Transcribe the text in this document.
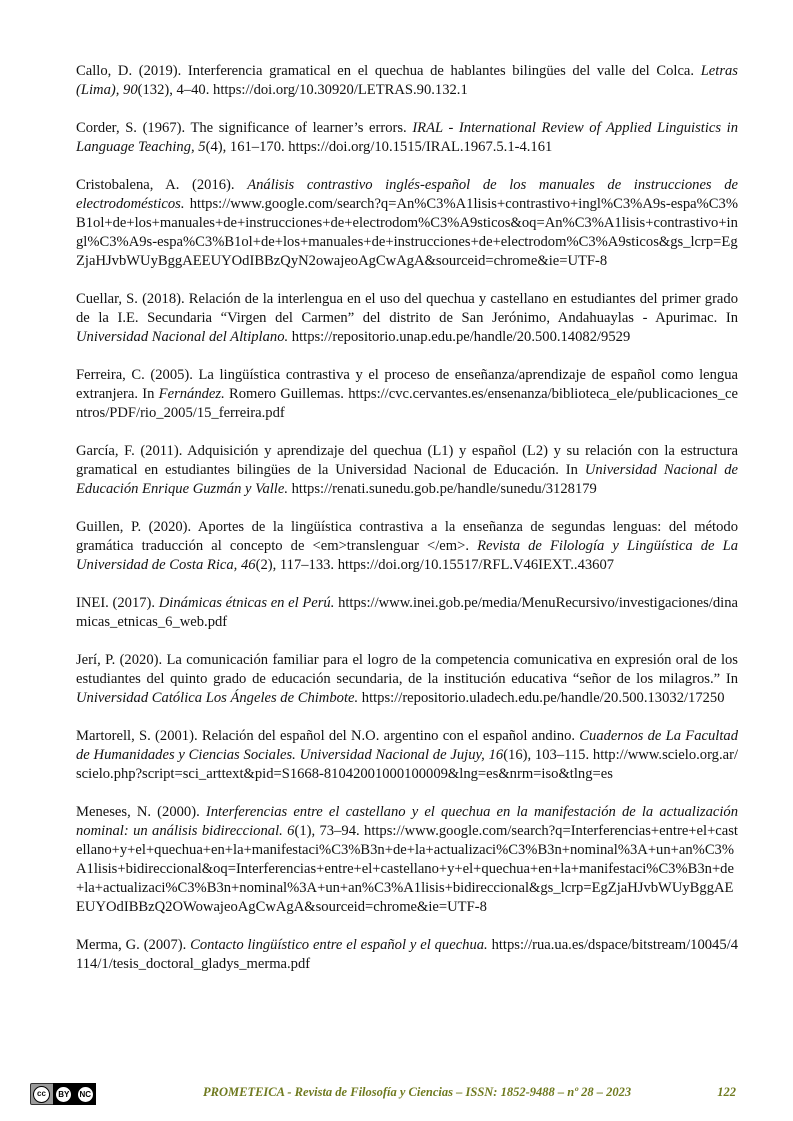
Callo, D. (2019). Interferencia gramatical en el quechua de hablantes bilingües del valle del Colca. Letras (Lima), 90(132), 4–40. https://doi.org/10.30920/LETRAS.90.132.1

Corder, S. (1967). The significance of learner’s errors. IRAL - International Review of Applied Linguistics in Language Teaching, 5(4), 161–170. https://doi.org/10.1515/IRAL.1967.5.1-4.161

Cristobalena, A. (2016). Análisis contrastivo inglés-español de los manuales de instrucciones de electrodomésticos. https://www.google.com/search?q=An%C3%A1lisis+contrastivo+ingl%C3%A9s-espa%C3%B1ol+de+los+manuales+de+instrucciones+de+electrodom%C3%A9sticos&oq=An%C3%A1lisis+contrastivo+ingl%C3%A9s-espa%C3%B1ol+de+los+manuales+de+instrucciones+de+electrodom%C3%A9sticos&gs_lcrp=EgZjaHJvbWUyBggAEEUYOdIBBzQyN2owajeoAgCwAgA&sourceid=chrome&ie=UTF-8

Cuellar, S. (2018). Relación de la interlengua en el uso del quechua y castellano en estudiantes del primer grado de la I.E. Secundaria “Virgen del Carmen” del distrito de San Jerónimo, Andahuaylas - Apurimac. In Universidad Nacional del Altiplano. https://repositorio.unap.edu.pe/handle/20.500.14082/9529

Ferreira, C. (2005). La lingüística contrastiva y el proceso de enseñanza/aprendizaje de español como lengua extranjera. In Fernández. Romero Guillemas. https://cvc.cervantes.es/ensenanza/biblioteca_ele/publicaciones_centros/PDF/rio_2005/15_ferreira.pdf

García, F. (2011). Adquisición y aprendizaje del quechua (L1) y español (L2) y su relación con la estructura gramatical en estudiantes bilingües de la Universidad Nacional de Educación. In Universidad Nacional de Educación Enrique Guzmán y Valle. https://renati.sunedu.gob.pe/handle/sunedu/3128179

Guillen, P. (2020). Aportes de la lingüística contrastiva a la enseñanza de segundas lenguas: del método gramática traducción al concepto de <em>translenguar </em>. Revista de Filología y Lingüística de La Universidad de Costa Rica, 46(2), 117–133. https://doi.org/10.15517/RFL.V46IEXT..43607

INEI. (2017). Dinámicas étnicas en el Perú. https://www.inei.gob.pe/media/MenuRecursivo/investigaciones/dinamicas_etnicas_6_web.pdf

Jerí, P. (2020). La comunicación familiar para el logro de la competencia comunicativa en expresión oral de los estudiantes del quinto grado de educación secundaria, de la institución educativa “señor de los milagros.” In Universidad Católica Los Ángeles de Chimbote. https://repositorio.uladech.edu.pe/handle/20.500.13032/17250

Martorell, S. (2001). Relación del español del N.O. argentino con el español andino. Cuadernos de La Facultad de Humanidades y Ciencias Sociales. Universidad Nacional de Jujuy, 16(16), 103–115. http://www.scielo.org.ar/scielo.php?script=sci_arttext&pid=S1668-81042001000100009&lng=es&nrm=iso&tlng=es

Meneses, N. (2000). Interferencias entre el castellano y el quechua en la manifestación de la actualización nominal: un análisis bidireccional. 6(1), 73–94. https://www.google.com/search?q=Interferencias+entre+el+castellano+y+el+quechua+en+la+manifestaci%C3%B3n+de+la+actualizaci%C3%B3n+nominal%3A+un+an%C3%A1lisis+bidireccional&oq=Interferencias+entre+el+castellano+y+el+quechua+en+la+manifestaci%C3%B3n+de+la+actualizaci%C3%B3n+nominal%3A+un+an%C3%A1lisis+bidireccional&gs_lcrp=EgZjaHJvbWUyBggAEEUYOdIBBzQ2OWowajeoAgCwAgA&sourceid=chrome&ie=UTF-8

Merma, G. (2007). Contacto lingüístico entre el español y el quechua. https://rua.ua.es/dspace/bitstream/10045/4114/1/tesis_doctoral_gladys_merma.pdf

cc	BY NC	PROMETEICA - Revista de Filosofía y Ciencias – ISSN: 1852-9488 – nº 28 – 2023	122
